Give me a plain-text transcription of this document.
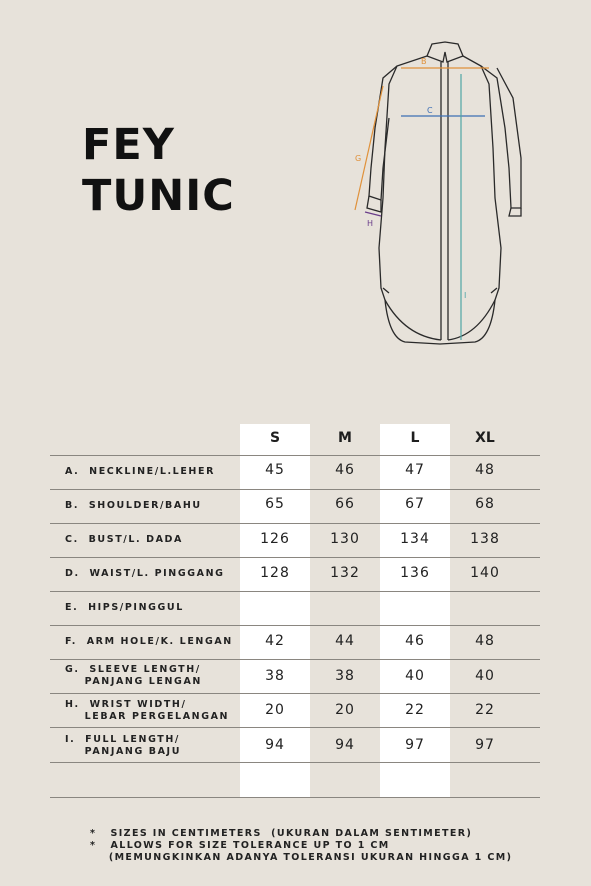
FEY
TUNIC
B
C
G
H
I
S	M	L	XL
A.  NECKLINE/L.LEHER	45	46	47	48
B.  SHOULDER/BAHU	65	66	67	68
C.  BUST/L. DADA	126	130	134	138
D.  WAIST/L. PINGGANG	128	132	136	140
E.  HIPS/PINGGUL
F.  ARM HOLE/K. LENGAN	42	44	46	48
G.  SLEEVE LENGTH/
PANJANG LENGAN	38	38	40	40
H.  WRIST WIDTH/
LEBAR PERGELANGAN	20	20	22	22
I.  FULL LENGTH/
PANJANG BAJU	94	94	97	97
*   SIZES IN CENTIMETERS  (UKURAN DALAM SENTIMETER)
*   ALLOWS FOR SIZE TOLERANCE UP TO 1 CM
(MEMUNGKINKAN ADANYA TOLERANSI UKURAN HINGGA 1 CM)
